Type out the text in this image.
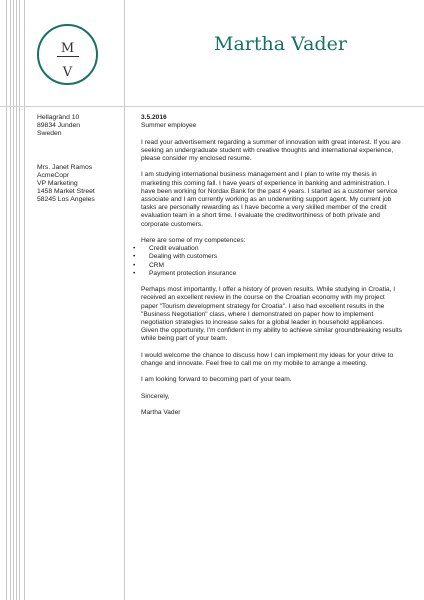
M
V
Martha Vader
Hellagränd 10
89834 Junden
Sweden
Mrs. Janet Ramos
AcmeCopr
VP Marketing
1458 Market Street
58245 Los Angeles
3.5.2016

Summer employee

I read your advertisement regarding a summer of innovation with great interest. If you are seeking an undergraduate student with creative thoughts and international experience, please consider my enclosed resume.

I am studying international business management and I plan to write my thesis in marketing this coming fall. I have years of experience in banking and administration. I have been working for Nordax Bank for the past 4 years. I started as a customer service associate and I am currently working as an underwriting support agent. My current job tasks are personally rewarding as I have become a very skilled member of the credit evaluation team in a short time. I evaluate the creditworthiness of both private and corporate customers.

Here are some of my competences:

• Credit evaluation
• Dealing with customers
• CRM
• Payment protection insurance

Perhaps most importantly, I offer a history of proven results. While studying in Croatia, I received an excellent review in the course on the Croatian economy with my project paper "Tourism development strategy for Croatia". I also had excellent results in the "Business Negotiation" class, where I demonstrated on paper how to implement negotiation strategies to increase sales for a global leader in household appliances. Given the opportunity, I'm confident in my ability to achieve similar groundbreaking results while being part of your team.

I would welcome the chance to discuss how I can implement my ideas for your drive to change and innovate. Feel free to call me on my mobile to arrange a meeting.

I am looking forward to becoming part of your team.

Sincerely,

Martha Vader
